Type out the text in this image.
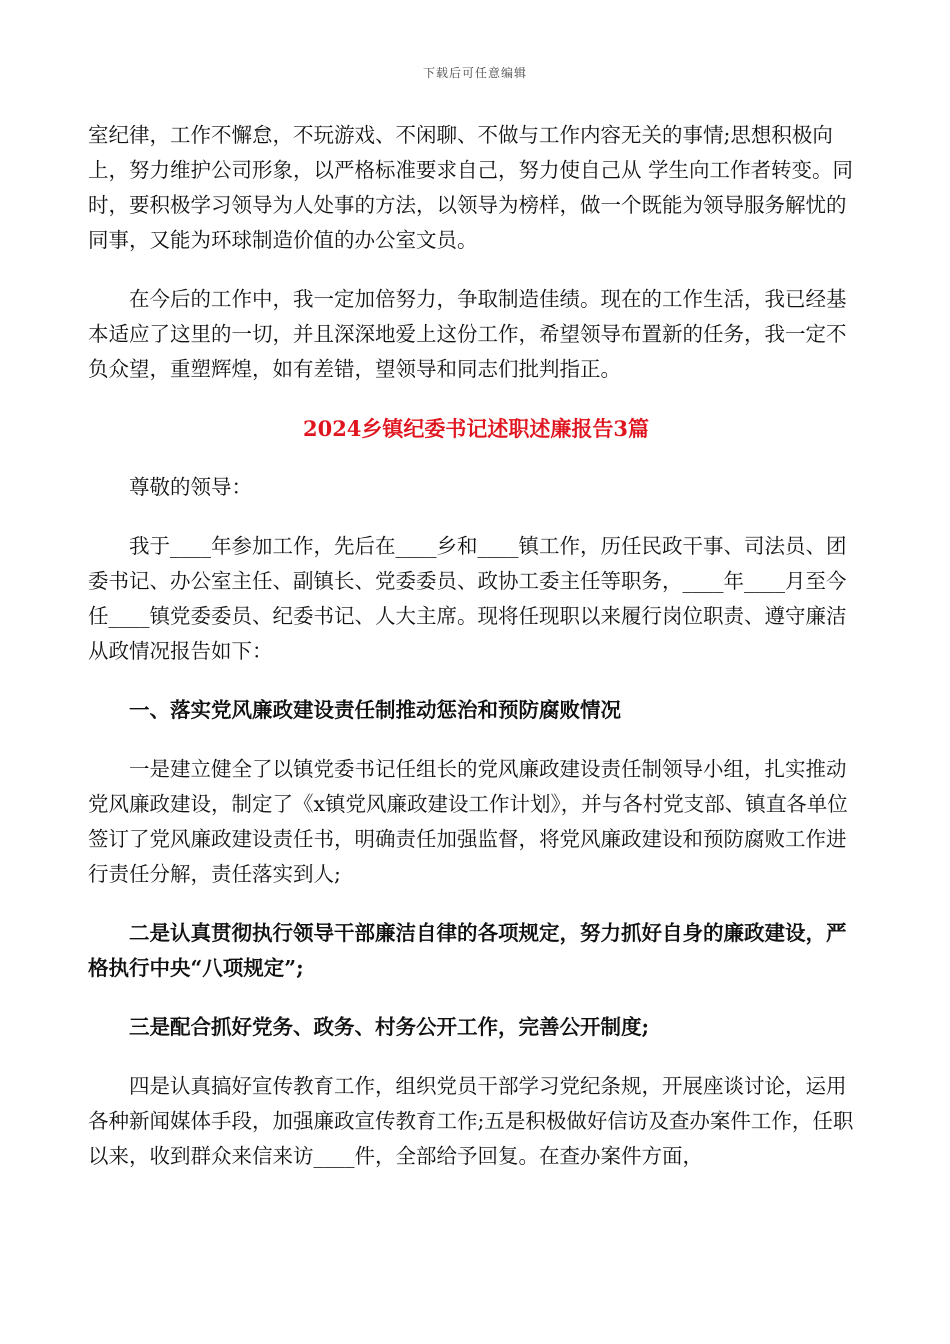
下载后可任意编辑

室纪律，工作不懈怠，不玩游戏、不闲聊、不做与工作内容无关的事情;思想积极向上，努力维护公司形象，以严格标准要求自己，努力使自己从 学生向工作者转变。同时，要积极学习领导为人处事的方法，以领导为榜样，做一个既能为领导服务解忧的同事，又能为环球制造价值的办公室文员。

在今后的工作中，我一定加倍努力，争取制造佳绩。现在的工作生活，我已经基本适应了这里的一切，并且深深地爱上这份工作，希望领导布置新的任务，我一定不负众望，重塑辉煌，如有差错，望领导和同志们批判指正。

2024乡镇纪委书记述职述廉报告3篇

尊敬的领导：

我于____年参加工作，先后在____乡和____镇工作，历任民政干事、司法员、团委书记、办公室主任、副镇长、党委委员、政协工委主任等职务，____年____月至今任____镇党委委员、纪委书记、人大主席。现将任现职以来履行岗位职责、遵守廉洁从政情况报告如下：

一、落实党风廉政建设责任制推动惩治和预防腐败情况

一是建立健全了以镇党委书记任组长的党风廉政建设责任制领导小组，扎实推动党风廉政建设，制定了《x镇党风廉政建设工作计划》，并与各村党支部、镇直各单位签订了党风廉政建设责任书，明确责任加强监督，将党风廉政建设和预防腐败工作进行责任分解，责任落实到人;

二是认真贯彻执行领导干部廉洁自律的各项规定，努力抓好自身的廉政建设，严格执行中央“八项规定”;

三是配合抓好党务、政务、村务公开工作，完善公开制度;

四是认真搞好宣传教育工作，组织党员干部学习党纪条规，开展座谈讨论，运用各种新闻媒体手段，加强廉政宣传教育工作;五是积极做好信访及查办案件工作，任职以来，收到群众来信来访____件，全部给予回复。在查办案件方面，
